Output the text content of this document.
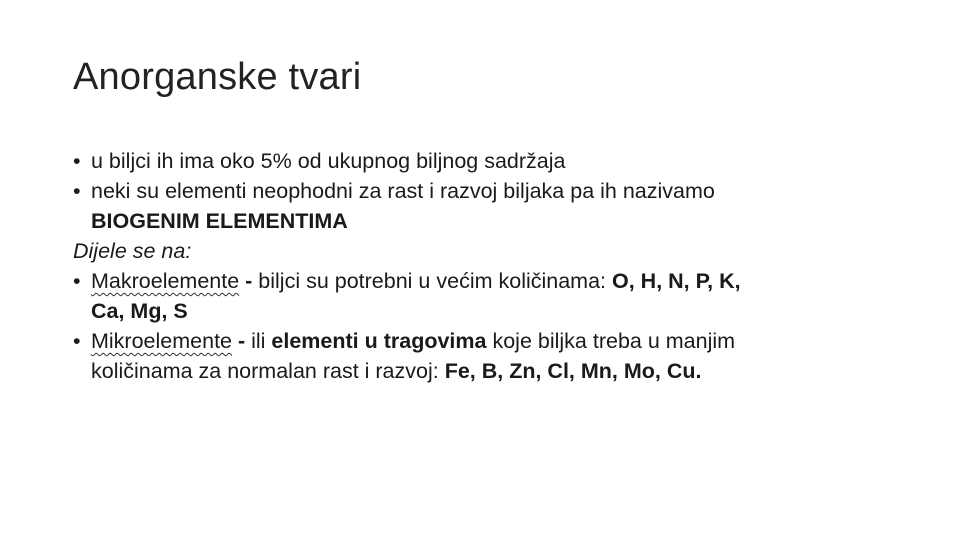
Anorganske tvari
• u biljci ih ima oko 5% od ukupnog biljnog sadržaja
• neki su elementi neophodni za rast i razvoj biljaka pa ih nazivamo
BIOGENIM ELEMENTIMA
Dijele se na:
• Makroelemente - biljci su potrebni u većim količinama: O, H, N, P, K,
Ca, Mg, S
• Mikroelemente - ili elementi u tragovima koje biljka treba u manjim
količinama za normalan rast i razvoj: Fe, B, Zn, Cl, Mn, Mo, Cu.
